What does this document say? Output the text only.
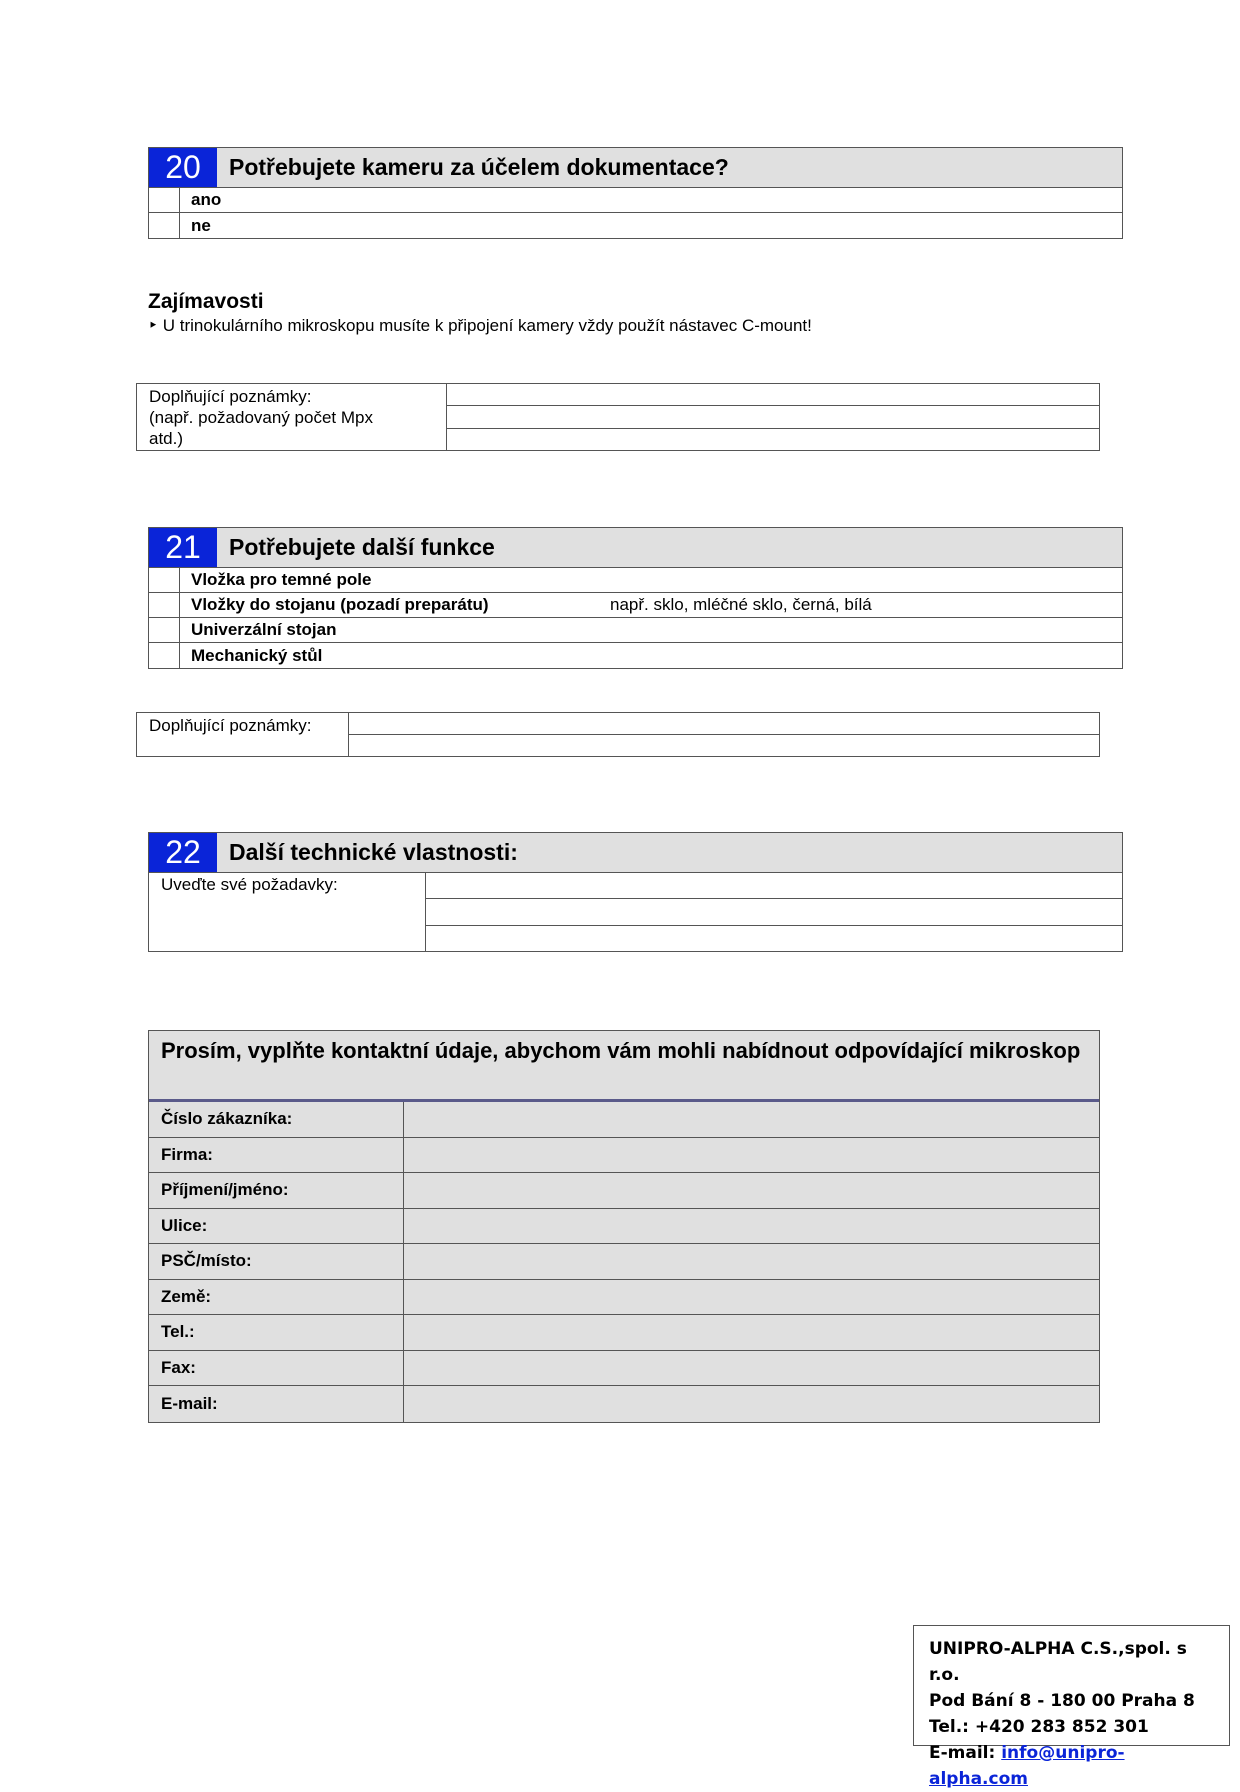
20	Potřebujete kameru za účelem dokumentace?
ano
ne
Zajímavosti
‣ U trinokulárního mikroskopu musíte k připojení kamery vždy použít nástavec C-mount!
Doplňující poznámky:
(např. požadovaný počet Mpx
atd.)
21	Potřebujete další funkce
Vložka pro temné pole
Vložky do stojanu (pozadí preparátu)	např. sklo, mléčné sklo, černá, bílá
Univerzální stojan
Mechanický stůl
Doplňující poznámky:
22	Další technické vlastnosti:
Uveďte své požadavky:
Prosím, vyplňte kontaktní údaje, abychom vám mohli nabídnout odpovídající mikroskop
Číslo zákazníka:
Firma:
Příjmení/jméno:
Ulice:
PSČ/místo:
Země:
Tel.:
Fax:
E-mail:
UNIPRO-ALPHA C.S.,spol. s r.o.
Pod Bání 8 - 180 00 Praha 8
Tel.: +420 283 852 301
E-mail: info@unipro-alpha.com
